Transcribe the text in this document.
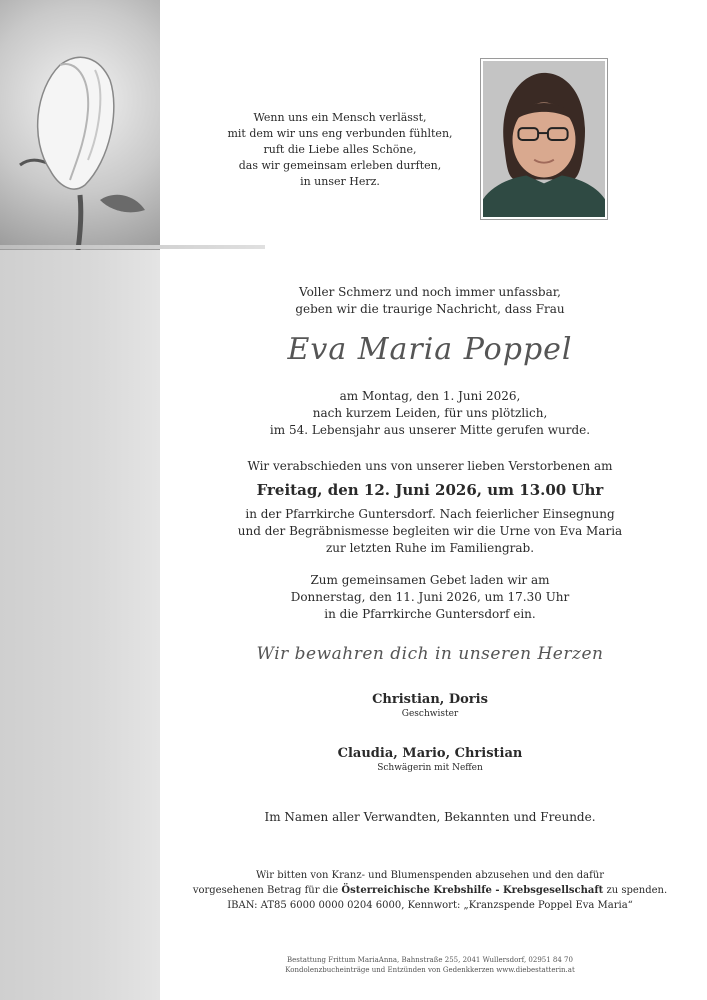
Wenn uns ein Mensch verlässt,
mit dem wir uns eng verbunden fühlten,
ruft die Liebe alles Schöne,
das wir gemeinsam erleben durften,
in unser Herz.
Voller Schmerz und noch immer unfassbar,
geben wir die traurige Nachricht, dass Frau
Eva Maria Poppel
am Montag, den 1. Juni 2026,
nach kurzem Leiden, für uns plötzlich,
im 54. Lebensjahr aus unserer Mitte gerufen wurde.
Wir verabschieden uns von unserer lieben Verstorbenen am
Freitag, den 12. Juni 2026, um 13.00 Uhr
in der Pfarrkirche Guntersdorf. Nach feierlicher Einsegnung
und der Begräbnismesse begleiten wir die Urne von Eva Maria
zur letzten Ruhe im Familiengrab.
Zum gemeinsamen Gebet laden wir am
Donnerstag, den 11. Juni 2026, um 17.30 Uhr
in die Pfarrkirche Guntersdorf ein.
Wir bewahren dich in unseren Herzen
Christian, Doris
Geschwister
Claudia, Mario, Christian
Schwägerin mit Neffen
Im Namen aller Verwandten, Bekannten und Freunde.
Wir bitten von Kranz- und Blumenspenden abzusehen und den dafür
vorgesehenen Betrag für die Österreichische Krebshilfe - Krebsgesellschaft zu spenden.
IBAN: AT85 6000 0000 0204 6000, Kennwort: „Kranzspende Poppel Eva Maria“
Bestattung Frittum MariaAnna, Bahnstraße 255, 2041 Wullersdorf, 02951 84 70
Kondolenzbucheinträge und Entzünden von Gedenkkerzen www.diebestatterin.at
